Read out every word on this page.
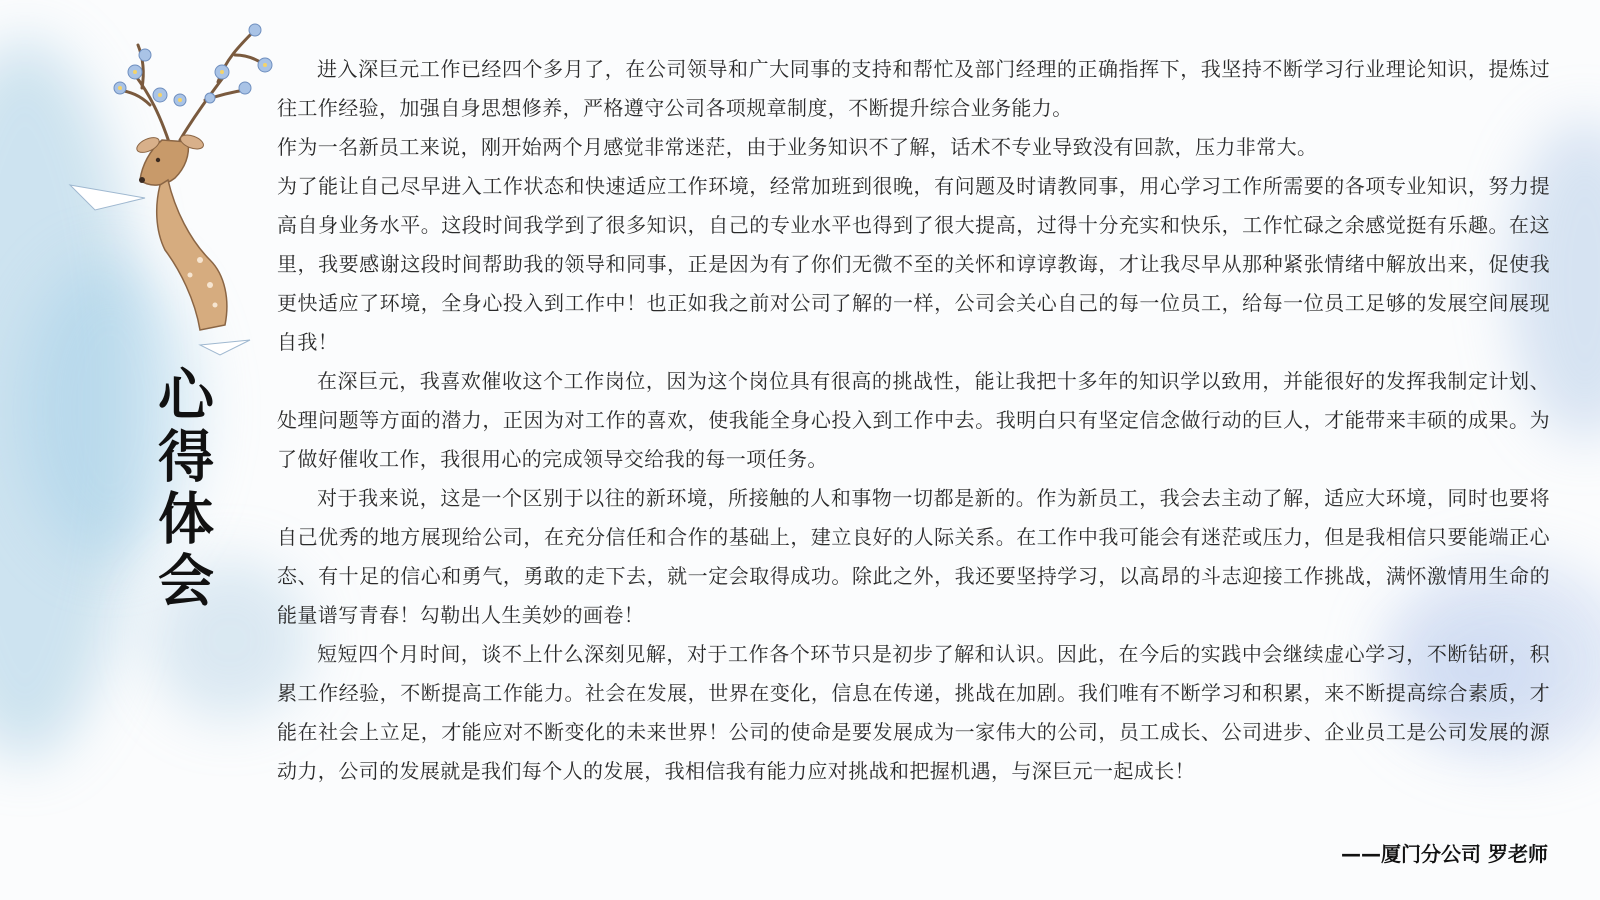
心得体会

进入深巨元工作已经四个多月了，在公司领导和广大同事的支持和帮忙及部门经理的正确指挥下，我坚持不断学习行业理论知识，提炼过往工作经验，加强自身思想修养，严格遵守公司各项规章制度，不断提升综合业务能力。

作为一名新员工来说，刚开始两个月感觉非常迷茫，由于业务知识不了解，话术不专业导致没有回款，压力非常大。

为了能让自己尽早进入工作状态和快速适应工作环境，经常加班到很晚，有问题及时请教同事，用心学习工作所需要的各项专业知识，努力提高自身业务水平。这段时间我学到了很多知识，自己的专业水平也得到了很大提高，过得十分充实和快乐，工作忙碌之余感觉挺有乐趣。在这里，我要感谢这段时间帮助我的领导和同事，正是因为有了你们无微不至的关怀和谆谆教诲，才让我尽早从那种紧张情绪中解放出来，促使我更快适应了环境，全身心投入到工作中！也正如我之前对公司了解的一样，公司会关心自己的每一位员工，给每一位员工足够的发展空间展现自我！

在深巨元，我喜欢催收这个工作岗位，因为这个岗位具有很高的挑战性，能让我把十多年的知识学以致用，并能很好的发挥我制定计划、处理问题等方面的潜力，正因为对工作的喜欢，使我能全身心投入到工作中去。我明白只有坚定信念做行动的巨人，才能带来丰硕的成果。为了做好催收工作，我很用心的完成领导交给我的每一项任务。

对于我来说，这是一个区别于以往的新环境，所接触的人和事物一切都是新的。作为新员工，我会去主动了解，适应大环境，同时也要将自己优秀的地方展现给公司，在充分信任和合作的基础上，建立良好的人际关系。在工作中我可能会有迷茫或压力，但是我相信只要能端正心态、有十足的信心和勇气，勇敢的走下去，就一定会取得成功。除此之外，我还要坚持学习，以高昂的斗志迎接工作挑战，满怀激情用生命的能量谱写青春！勾勒出人生美妙的画卷！

短短四个月时间，谈不上什么深刻见解，对于工作各个环节只是初步了解和认识。因此，在今后的实践中会继续虚心学习，不断钻研，积累工作经验，不断提高工作能力。社会在发展，世界在变化，信息在传递，挑战在加剧。我们唯有不断学习和积累，来不断提高综合素质，才能在社会上立足，才能应对不断变化的未来世界！公司的使命是要发展成为一家伟大的公司，员工成长、公司进步、企业员工是公司发展的源动力，公司的发展就是我们每个人的发展，我相信我有能力应对挑战和把握机遇，与深巨元一起成长！

——厦门分公司 罗老师
